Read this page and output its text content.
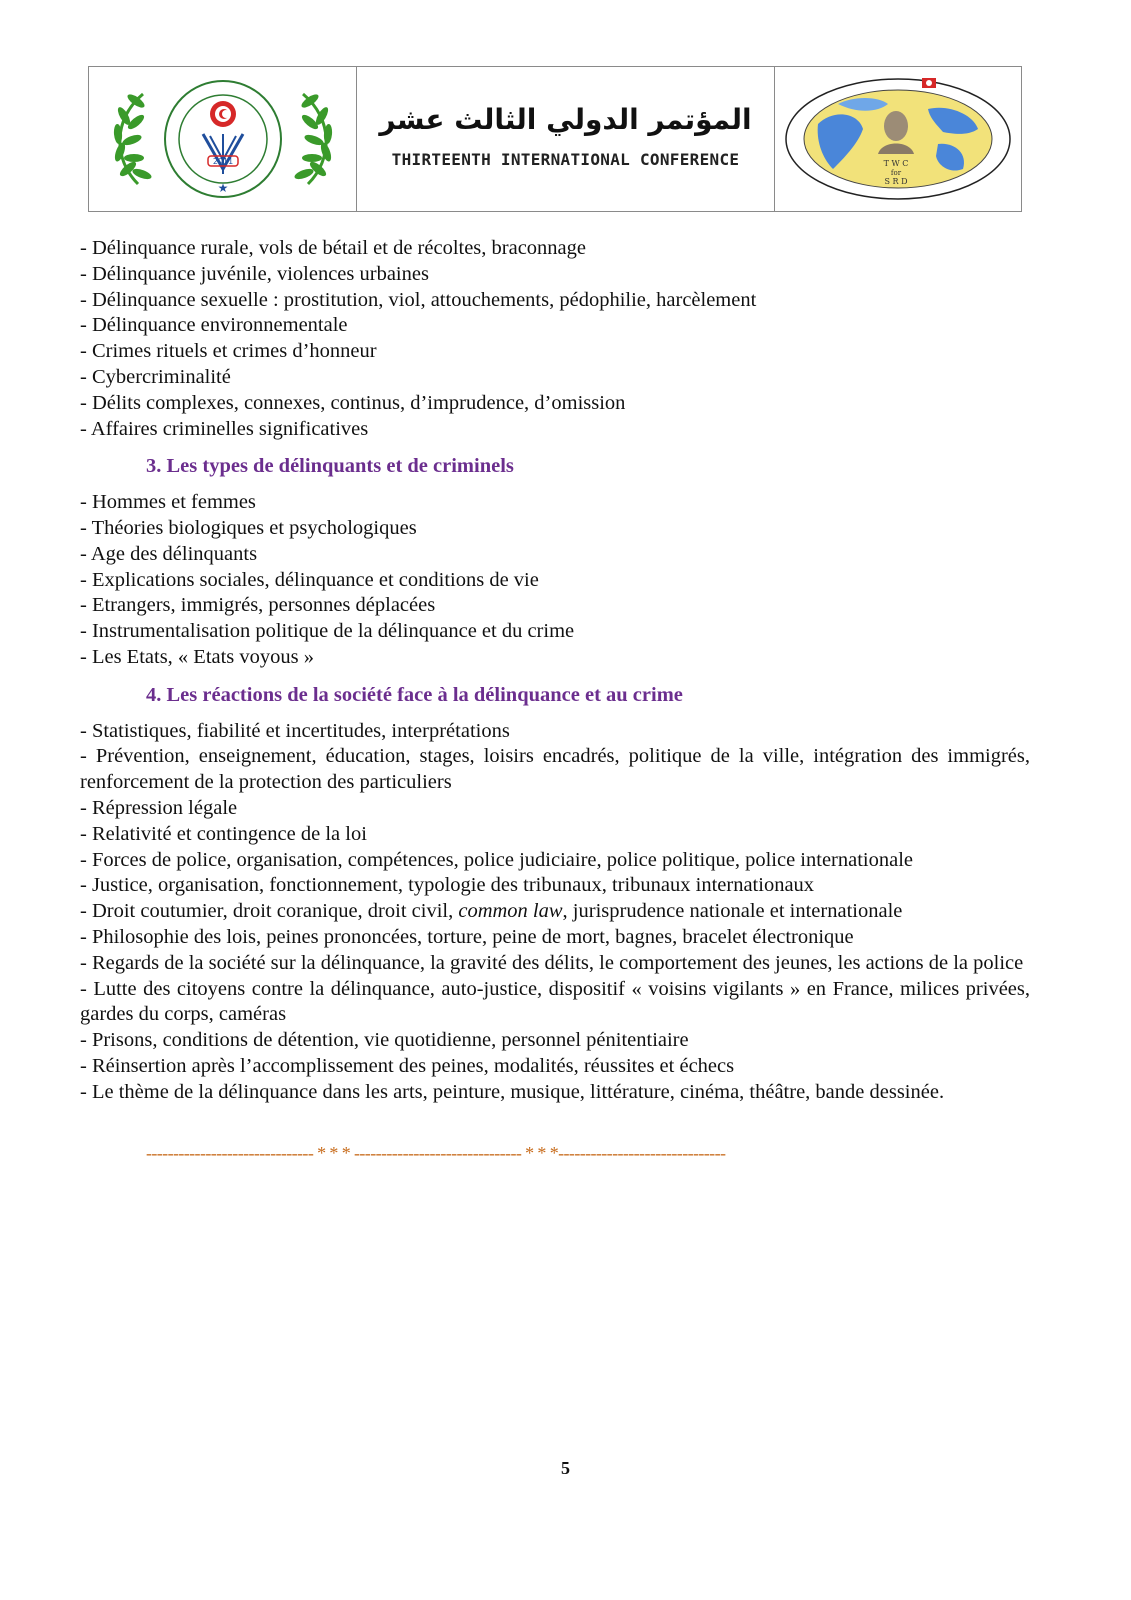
2011
★
المؤتمر الدولي الثالث عشر
THIRTEENTH INTERNATIONAL CONFERENCE	T W C
for
S R D

- Délinquance rurale, vols de bétail et de récoltes, braconnage

- Délinquance juvénile, violences urbaines

- Délinquance sexuelle : prostitution, viol, attouchements, pédophilie, harcèlement

- Délinquance environnementale

- Crimes rituels et crimes d’honneur

- Cybercriminalité

- Délits complexes, connexes, continus, d’imprudence, d’omission

- Affaires criminelles significatives

3. Les types de délinquants et de criminels

- Hommes et femmes

- Théories biologiques et psychologiques

- Age des délinquants

- Explications sociales, délinquance et conditions de vie

- Etrangers, immigrés, personnes déplacées

- Instrumentalisation politique de la délinquance et du crime

- Les Etats, « Etats voyous »

4. Les réactions de la société face à la délinquance et au crime

- Statistiques, fiabilité et incertitudes, interprétations

- Prévention, enseignement, éducation, stages, loisirs encadrés, politique de la ville, intégration des immigrés, renforcement de la protection des particuliers

- Répression légale

- Relativité et contingence de la loi

- Forces de police, organisation, compétences, police judiciaire, police politique, police internationale

- Justice, organisation, fonctionnement, typologie des tribunaux, tribunaux internationaux

- Droit coutumier, droit coranique, droit civil, common law, jurisprudence nationale et internationale

- Philosophie des lois, peines prononcées, torture, peine de mort, bagnes, bracelet électronique

- Regards de la société sur la délinquance, la gravité des délits, le comportement des jeunes, les actions de la police

- Lutte des citoyens contre la délinquance, auto-justice, dispositif « voisins vigilants » en France, milices privées, gardes du corps, caméras

- Prisons, conditions de détention, vie quotidienne, personnel pénitentiaire

- Réinsertion après l’accomplissement des peines, modalités, réussites et échecs

- Le thème de la délinquance dans les arts, peinture, musique, littérature, cinéma, théâtre, bande dessinée.

------------------------------- * * * ------------------------------- * * *-------------------------------
5
